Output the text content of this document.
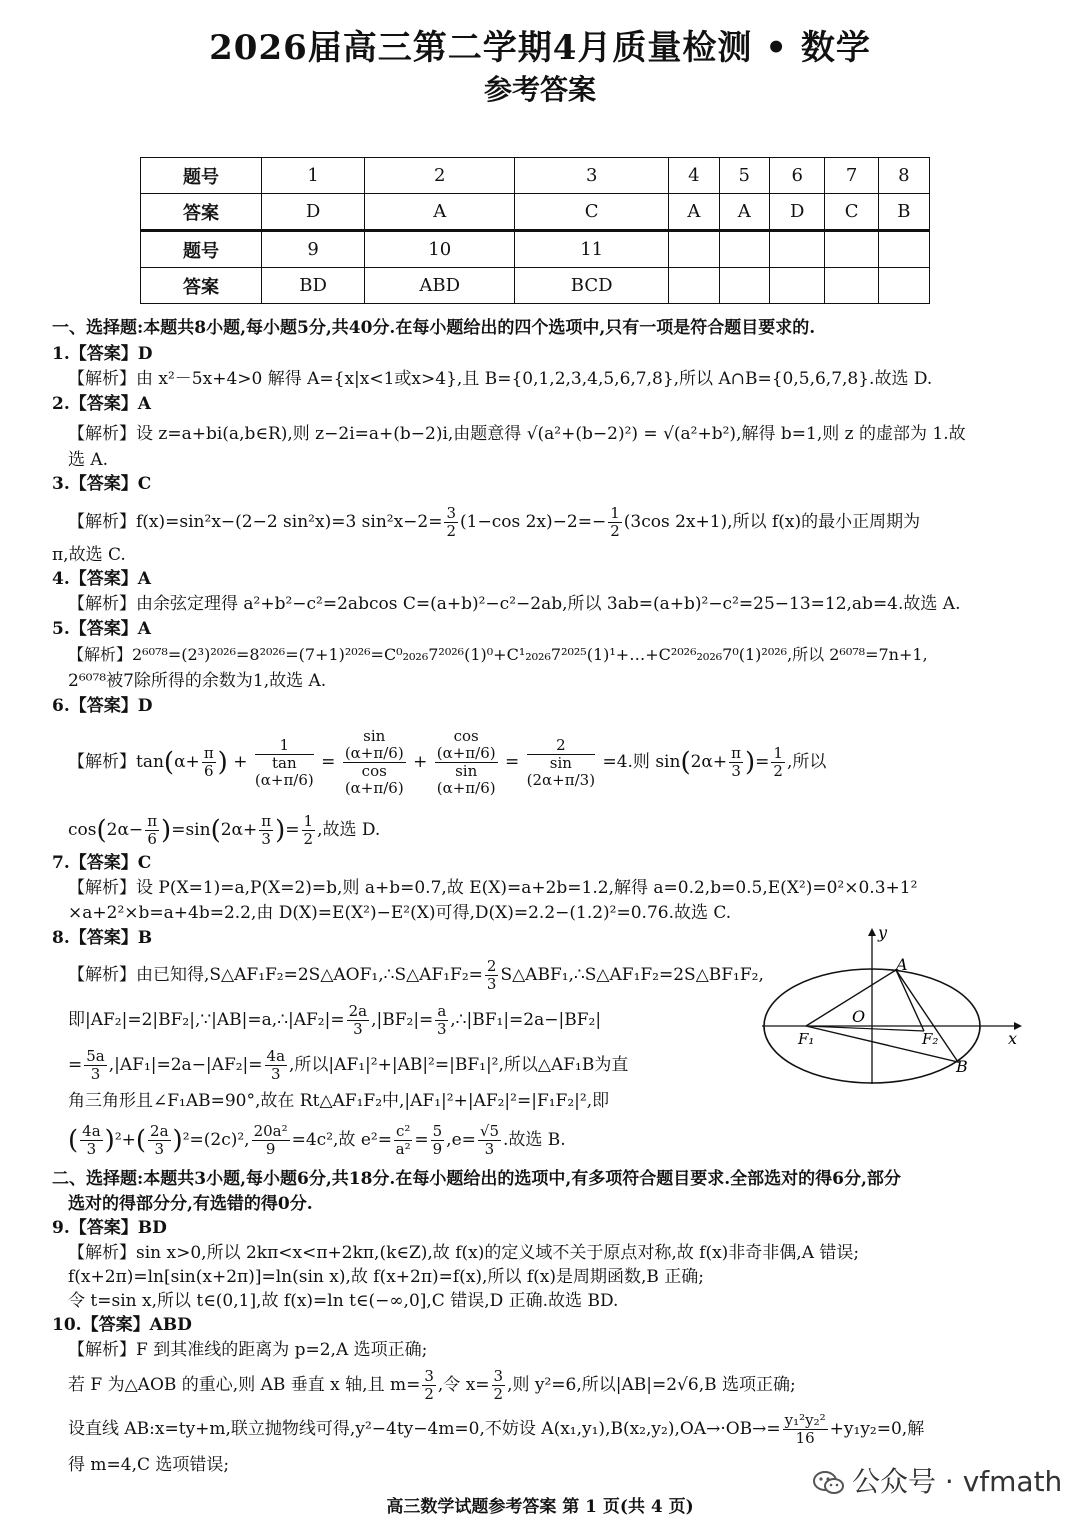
2026届高三第二学期4月质量检测 • 数学
参考答案
题号	1	2	3	4	5	6	7	8
答案	D	A	C	A	A	D	C	B
题号	9	10	11					
答案	BD	ABD	BCD					
一、选择题:本题共8小题,每小题5分,共40分.在每小题给出的四个选项中,只有一项是符合题目要求的.
1.【答案】D
【解析】由 x²－5x+4>0 解得 A={x|x<1或x>4},且 B={0,1,2,3,4,5,6,7,8},所以 A∩B={0,5,6,7,8}.故选 D.
2.【答案】A
【解析】设 z=a+bi(a,b∈R),则 z−2i=a+(b−2)i,由题意得 √(a²+(b−2)²) = √(a²+b²),解得 b=1,则 z 的虚部为 1.故
选 A.
3.【答案】C
【解析】f(x)=sin²x−(2−2 sin²x)=3 $\sin^2x-2= \frac{3}{2} (1-\cos$ $2x)-2=- \frac{1}{2} (3\cos$ 2x+1),所以 f(x)的最小正周期为
π,故选 C.
4.【答案】A
【解析】由余弦定理得 a²+b²−c²=2abcos C=(a+b)²−c²−2ab,所以 3ab=(a+b)²−c²=25−13=12,ab=4.故选 A.
5.【答案】A
【解析】2⁶⁰⁷⁸=(2³)²⁰²⁶=8²⁰²⁶=(7+1)²⁰²⁶=C⁰₂₀₂₆7²⁰²⁶(1)⁰+C¹₂₀₂₆7²⁰²⁵(1)¹+…+C²⁰²⁶₂₀₂₆7⁰(1)²⁰²⁶,所以 2⁶⁰⁷⁸=7n+1,
2⁶⁰⁷⁸被7除所得的余数为1,故选 A.
6.【答案】D
【解析】$\tan(\alpha+ \frac{\pi}{6}$ ) + 1
tan
(α+π/6) = sin
(α+π/6)
cos
(α+π/6) + cos
(α+π/6)
sin
(α+π/6) = 2
sin
(2α+π/3) =4.则 $\sin(2\alpha+ \frac{\pi}{3}$ )= $\frac{1}{2}$ ,所以
$\cos(2\alpha- \frac{\pi}{6} )=\sin(2\alpha+ \frac{\pi}{3}$ )= $\frac{1}{2}$ ,故选 D.
7.【答案】C
【解析】设 P(X=1)=a,P(X=2)=b,则 a+b=0.7,故 E(X)=a+2b=1.2,解得 a=0.2,b=0.5,E(X²)=0²×0.3+1²
×a+2²×b=a+4b=2.2,由 D(X)=E(X²)−E²(X)可得,D(X)=2.2−(1.2)²=0.76.故选 C.
8.【答案】B
【解析】由已知得,S△AF₁F₂=2S△AOF₁,∴S△AF₁F₂= $\frac{2}{3}$ S△ABF₁,∴S△AF₁F₂=2S△BF₁F₂,
即|AF₂|=2|BF₂|,∵|AB|=a,∴|AF₂|= $\frac{2a}{3} ,|BF_2|= \frac{a}{3}$ ,∴|BF₁|=2a−|BF₂|
= $\frac{5a}{3} ,|AF_1|=2a-|AF_2|= \frac{4a}{3}$ ,所以|AF₁|²+|AB|²=|BF₁|²,所以△AF₁B为直
角三角形且∠F₁AB=90°,故在 Rt△AF₁F₂中,|AF₁|²+|AF₂|²=|F₁F₂|²,即
( $\frac{4a}{3} )^2+( \frac{2a}{3} )^2=(2c)^2$, $\frac{\text{20a²}}{9} =4c^2$,故 $e^2= \frac{\text{c²}}{\text{a²}} = \frac{5}{9} ,e= \frac{√5}{3}$ .故选 B.
y
A
O
F₁	F₂
B
x
二、选择题:本题共3小题,每小题6分,共18分.在每小题给出的选项中,有多项符合题目要求.全部选对的得6分,部分
选对的得部分分,有选错的得0分.
9.【答案】BD
【解析】sin x>0,所以 2kπ<x<π+2kπ,(k∈Z),故 f(x)的定义域不关于原点对称,故 f(x)非奇非偶,A 错误;
f(x+2π)=ln[sin(x+2π)]=ln(sin x),故 f(x+2π)=f(x),所以 f(x)是周期函数,B 正确;
令 t=sin x,所以 t∈(0,1],故 f(x)=ln t∈(−∞,0],C 错误,D 正确.故选 BD.
10.【答案】ABD
【解析】F 到其准线的距离为 p=2,A 选项正确;
若 F 为△AOB 的重心,则 AB 垂直 x 轴,且 $m= \frac{3}{2}$ ,令 $x= \frac{3}{2}$ ,则 y²=6,所以|AB|=2√6,B 选项正确;
设直线 AB:x=ty+m,联立抛物线可得,y²−4ty−4m=0,不妨设 $A(x_1,y_1),B(x_2,y_2),OA\to\cdot OB\to= \frac{\text{y₁²y₂²}}{16} +y_1y_2=0$,解
得 m=4,C 选项错误;	公众号 · vfmath
高三数学试题参考答案 第 1 页(共 4 页)
